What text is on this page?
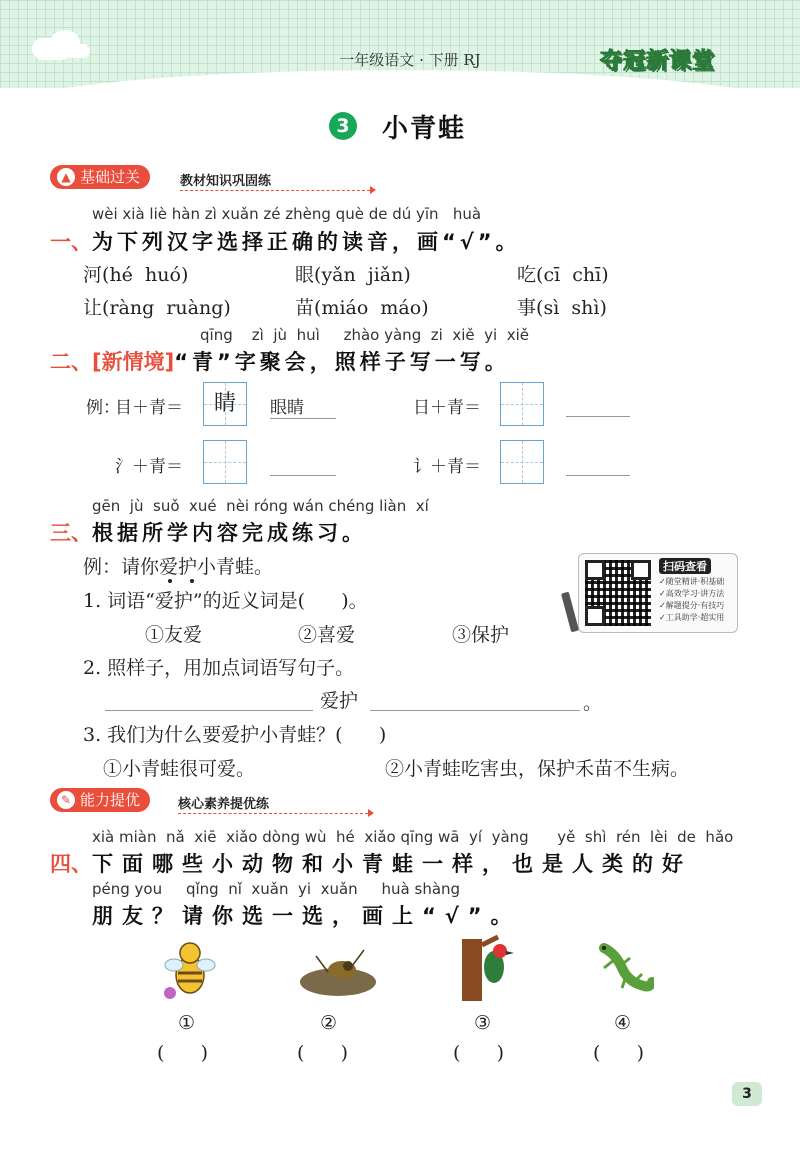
一年级语文 · 下册 RJ	夺冠新课堂
3 小青蛙
▲ 基础过关	教材知识巩固练
wèi xià liè hàn zì xuǎn zé zhèng què de dú yīn   huà
一、为下列汉字选择正确的读音，画“√”。
河(hé huó)	眼(yǎn jiǎn)	吃(cī chī)
让(ràng ruàng)	苗(miáo máo)	事(sì shì)
qīng    zì  jù  huì     zhào yàng  zi  xiě  yi  xiě
二、[新情境]“青”字聚会，照样子写一写。
例：
目＋青＝	睛	眼睛	日＋青＝
氵＋青＝	讠＋青＝
gēn  jù  suǒ  xué  nèi róng wán chéng liàn  xí
三、根据所学内容完成练习。
例：请你爱护小青蛙。
1. 词语“爱护”的近义词是(      )。
①友爱	②喜爱	③保护
2. 照样子，用加点词语写句子。
爱护	。
3. 我们为什么要爱护小青蛙？(      )
①小青蛙很可爱。	②小青蛙吃害虫，保护禾苗不生病。
扫码查看
✓随堂精讲·积基础
✓高效学习·讲方法
✓解题提分·有技巧
✓工具助学·超实用
✎ 能力提优	核心素养提优练
xià miàn  nǎ  xiē  xiǎo dòng wù  hé  xiǎo qīng wā  yí  yàng      yě  shì  rén  lèi  de  hǎo
四、下面哪些小动物和小青蛙一样，也是人类的好
péng you     qǐng  nǐ  xuǎn  yi  xuǎn     huà shàng
朋友？请你选一选，画上“√”。
①	②	③	④
(      )	(      )	(      )	(      )
3
